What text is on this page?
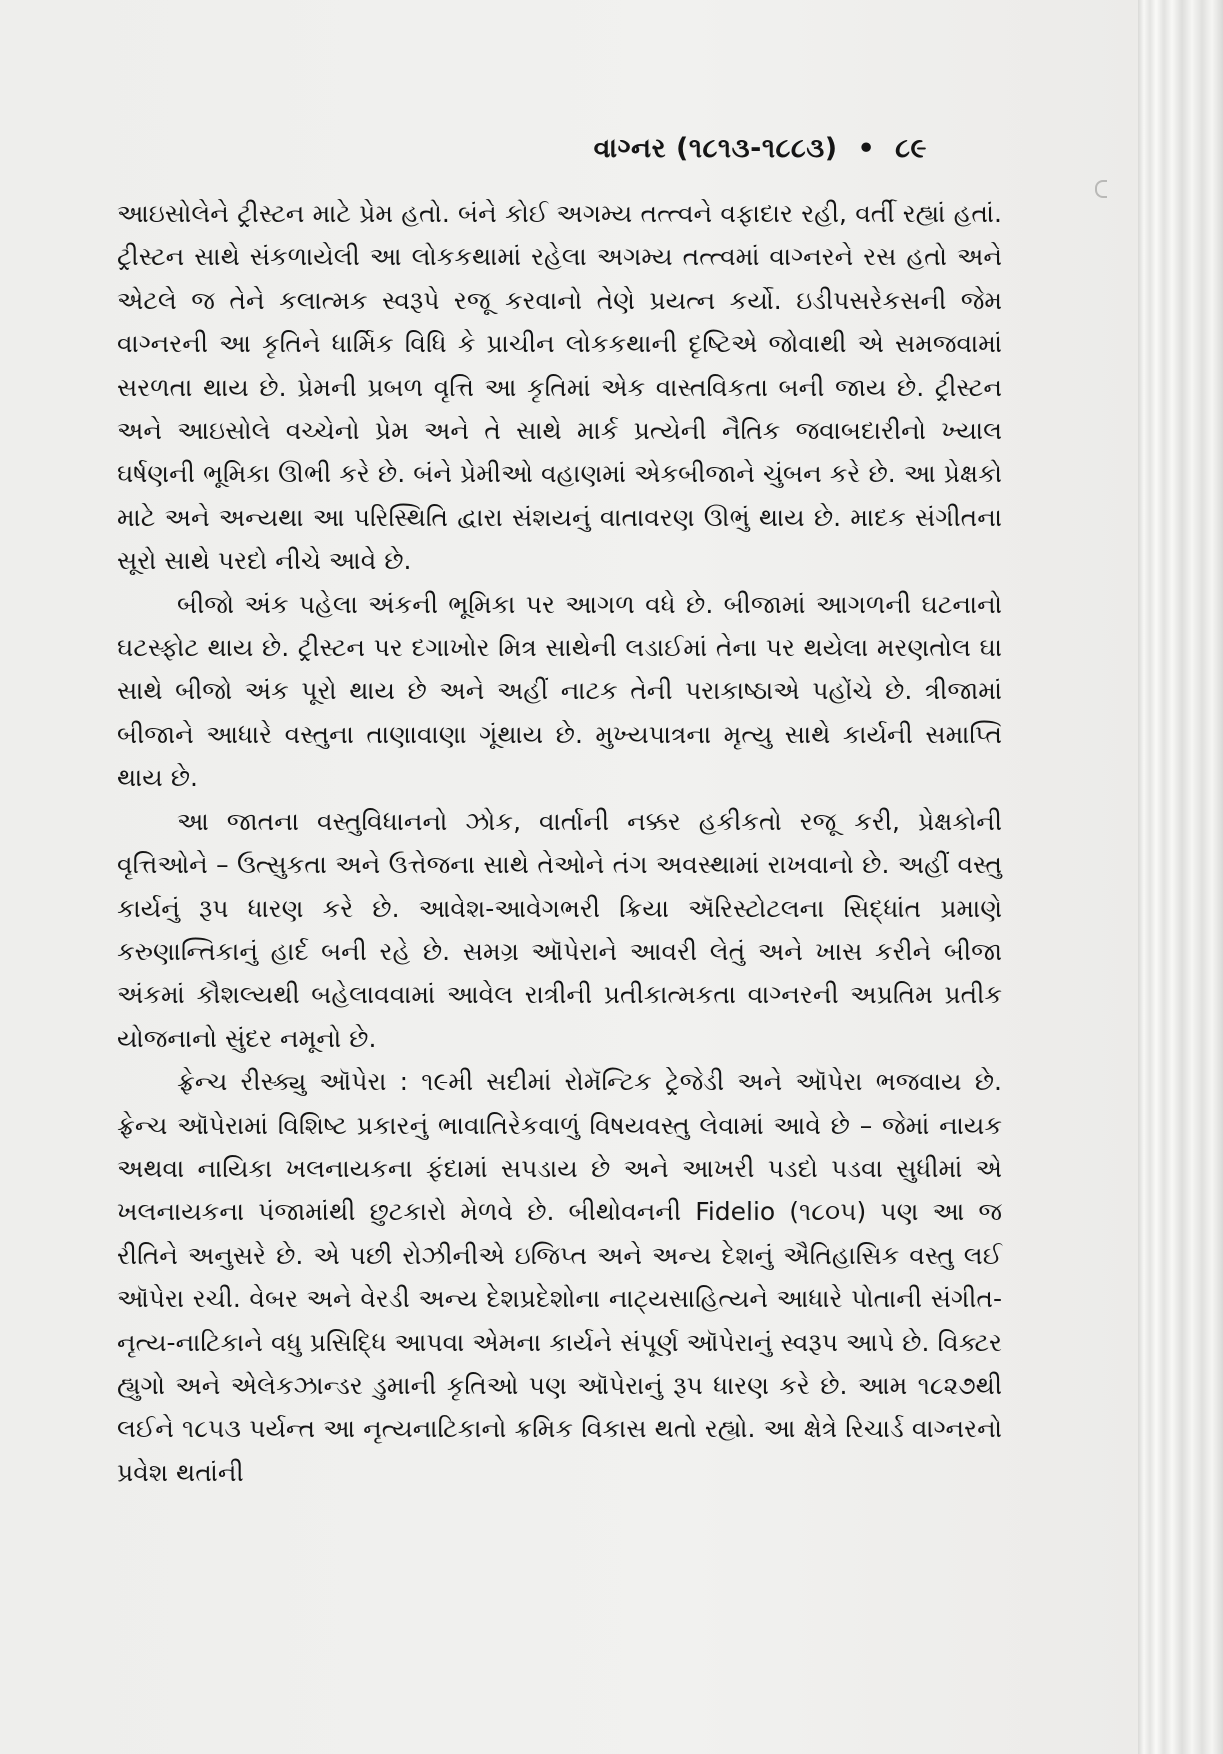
વાગ્નર (૧૮૧૩-૧૮૮૩) • ૮૯

આઇસોલેને ટ્રીસ્ટન માટે પ્રેમ હતો. બંને કોઈ અગમ્ય તત્ત્વને વફાદાર રહી, વર્તી રહ્યાં હતાં. ટ્રીસ્ટન સાથે સંકળાયેલી આ લોકકથામાં રહેલા અગમ્ય તત્ત્વમાં વાગ્નરને રસ હતો અને એટલે જ તેને કલાત્મક સ્વરૂપે રજૂ કરવાનો તેણે પ્રયત્ન કર્યો. ઇડીપસરેકસની જેમ વાગ્નરની આ કૃતિને ધાર્મિક વિધિ કે પ્રાચીન લોકકથાની દૃષ્ટિએ જોવાથી એ સમજવામાં સરળતા થાય છે. પ્રેમની પ્રબળ વૃત્તિ આ કૃતિમાં એક વાસ્તવિકતા બની જાય છે. ટ્રીસ્ટન અને આઇસોલે વચ્ચેનો પ્રેમ અને તે સાથે માર્ક પ્રત્યેની નૈતિક જવાબદારીનો ખ્યાલ ઘર્ષણની ભૂમિકા ઊભી કરે છે. બંને પ્રેમીઓ વહાણમાં એકબીજાને ચુંબન કરે છે. આ પ્રેક્ષકો માટે અને અન્યથા આ પરિસ્થિતિ દ્વારા સંશયનું વાતાવરણ ઊભું થાય છે. માદક સંગીતના સૂરો સાથે પરદો નીચે આવે છે.

બીજો અંક પહેલા અંકની ભૂમિકા પર આગળ વધે છે. બીજામાં આગળની ઘટનાનો ઘટસ્ફોટ થાય છે. ટ્રીસ્ટન પર દગાખોર મિત્ર સાથેની લડાઈમાં તેના પર થયેલા મરણતોલ ઘા સાથે બીજો અંક પૂરો થાય છે અને અહીં નાટક તેની પરાકાષ્ઠાએ પહોંચે છે. ત્રીજામાં બીજાને આધારે વસ્તુના તાણાવાણા ગૂંથાય છે. મુખ્યપાત્રના મૃત્યુ સાથે કાર્યની સમાપ્તિ થાય છે.

આ જાતના વસ્તુવિધાનનો ઝોક, વાર્તાની નક્કર હકીકતો રજૂ કરી, પ્રેક્ષકોની વૃત્તિઓને – ઉત્સુકતા અને ઉત્તેજના સાથે તેઓને તંગ અવસ્થામાં રાખવાનો છે. અહીં વસ્તુ કાર્યનું રૂપ ધારણ કરે છે. આવેશ-આવેગભરી ક્રિયા ઍરિસ્ટોટલના સિદ્ધાંત પ્રમાણે કરુણાન્તિકાનું હાર્દ બની રહે છે. સમગ્ર ઑપેરાને આવરી લેતું અને ખાસ કરીને બીજા અંકમાં કૌશલ્યથી બહેલાવવામાં આવેલ રાત્રીની પ્રતીકાત્મકતા વાગ્નરની અપ્રતિમ પ્રતીક યોજનાનો સુંદર નમૂનો છે.

ફ્રેન્ચ રીસ્ક્યુ ઑપેરા : ૧૯મી સદીમાં રોમૅન્ટિક ટ્રેજેડી અને ઑપેરા ભજવાય છે. ફ્રેન્ચ ઑપેરામાં વિશિષ્ટ પ્રકારનું ભાવાતિરેકવાળું વિષયવસ્તુ લેવામાં આવે છે – જેમાં નાયક અથવા નાયિકા ખલનાયકના ફંદામાં સપડાય છે અને આખરી પડદો પડવા સુધીમાં એ ખલનાયકના પંજામાંથી છુટકારો મેળવે છે. બીથોવનની Fidelio (૧૮૦૫) પણ આ જ રીતિને અનુસરે છે. એ પછી રોઝીનીએ ઇજિપ્ત અને અન્ય દેશનું ઐતિહાસિક વસ્તુ લઈ ઑપેરા રચી. વેબર અને વેરડી અન્ય દેશપ્રદેશોના નાટ્યસાહિત્યને આધારે પોતાની સંગીત-નૃત્ય-નાટિકાને વધુ પ્રસિદ્ધિ આપવા એમના કાર્યને સંપૂર્ણ ઑપેરાનું સ્વરૂપ આપે છે. વિક્ટર હ્યુગો અને એલેકઝાન્ડર ડુમાની કૃતિઓ પણ ઑપેરાનું રૂપ ધારણ કરે છે. આમ ૧૮૨૭થી લઈને ૧૮૫૩ પર્યન્ત આ નૃત્યનાટિકાનો ક્રમિક વિકાસ થતો રહ્યો. આ ક્ષેત્રે રિચાર્ડ વાગ્નરનો પ્રવેશ થતાંની
